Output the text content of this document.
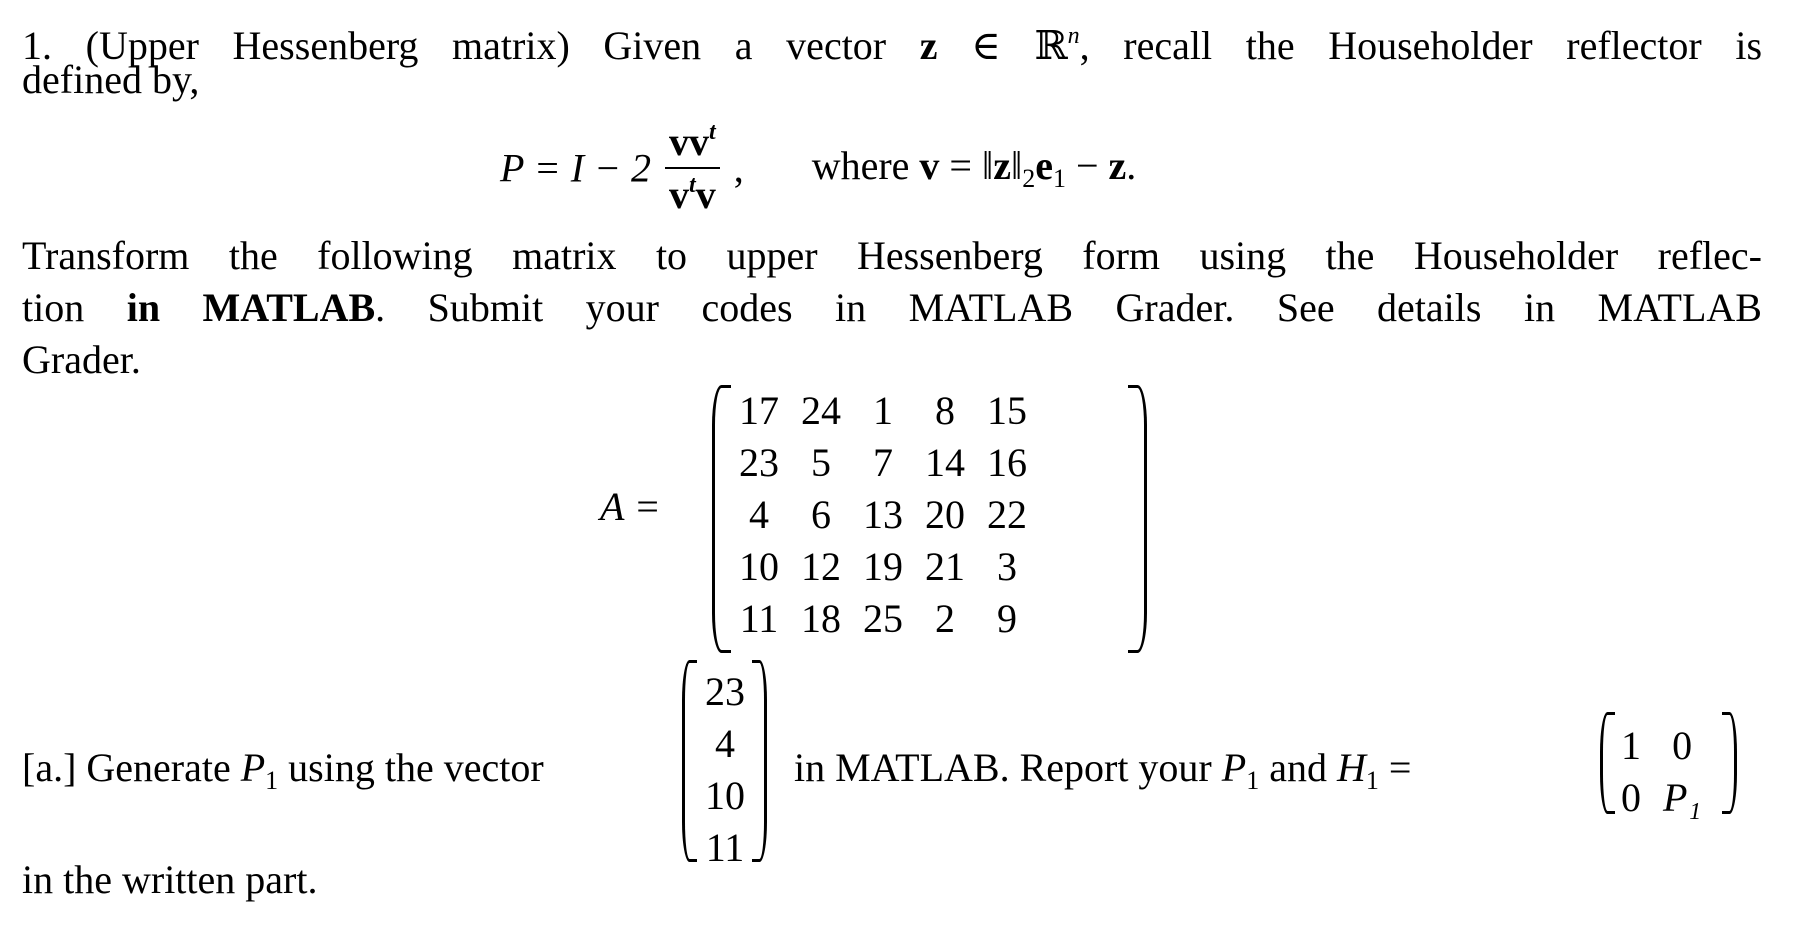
1. (Upper Hessenberg matrix) Given a vector z ∈ ℝ$^n$, recall the Householder reflector is
defined by,
$P = I - 2 \frac{vv^t}{v^tv}$ , where $v = ‖z‖_2e_1 - z$.
Transform the following matrix to upper Hessenberg form using the Householder reflec-
tion in MATLAB. Submit your codes in MATLAB Grader. See details in MATLAB
Grader.
A =
17	24	1	8	15
23	5	7	14	16
4	6	13	20	22
10	12	19	21	3
11	18	25	2	9
[a.] Generate $P_1$ using the vector
23
4
10
11
in MATLAB. Report your $P_1$ and $H_1$ =	1	0
0	P₁
in the written part.
